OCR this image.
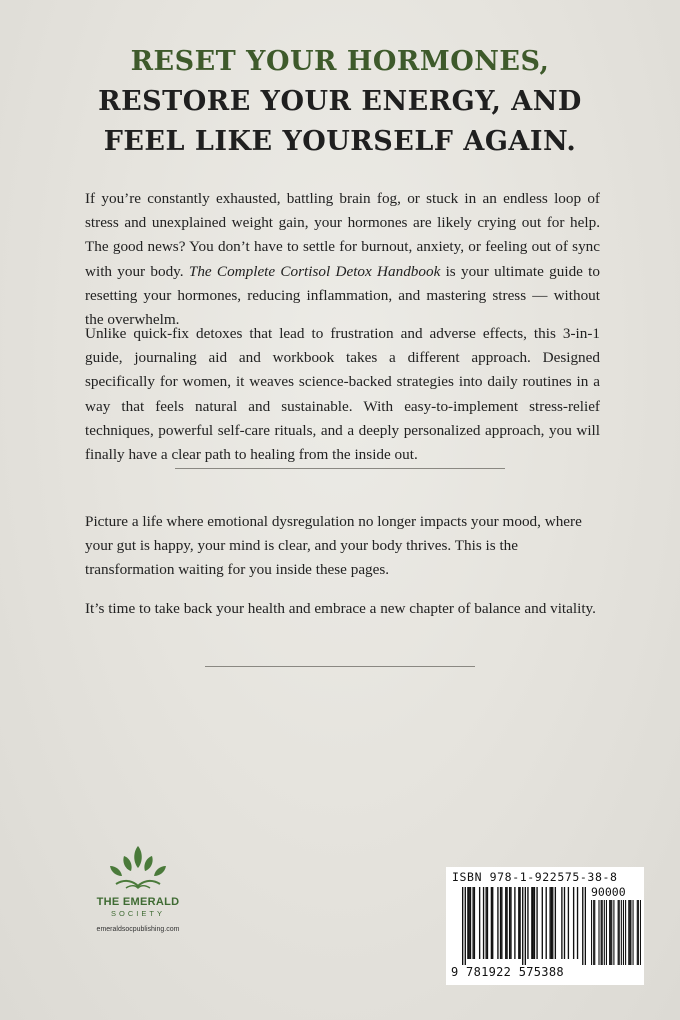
RESET YOUR HORMONES,
RESTORE YOUR ENERGY, AND
FEEL LIKE YOURSELF AGAIN.

If you’re constantly exhausted, battling brain fog, or stuck in an endless loop of stress and unexplained weight gain, your hormones are likely crying out for help. The good news? You don’t have to settle for burnout, anxiety, or feeling out of sync with your body. The Complete Cortisol Detox Handbook is your ultimate guide to resetting your hormones, reducing inflammation, and mastering stress — without the overwhelm.

Unlike quick-fix detoxes that lead to frustration and adverse effects, this 3-in-1 guide, journaling aid and workbook takes a different approach. Designed specifically for women, it weaves science-backed strategies into daily routines in a way that feels natural and sustainable. With easy-to-implement stress-relief techniques, powerful self-care rituals, and a deeply personalized approach, you will finally have a clear path to healing from the inside out.

Picture a life where emotional dysregulation no longer impacts your mood, where your gut is happy, your mind is clear, and your body thrives. This is the transformation waiting for you inside these pages.

It’s time to take back your health and embrace a new chapter of balance and vitality.

THE EMERALD
SOCIETY
emeraldsocpublishing.com
ISBN 978-1-922575-38-8
90000
9 781922 575388
